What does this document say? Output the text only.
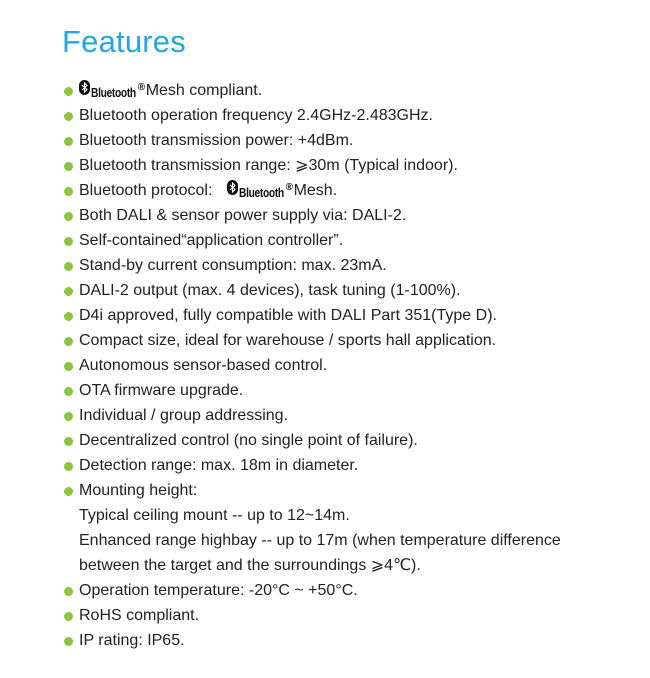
Features
Bluetooth ®Mesh compliant.
Bluetooth operation frequency 2.4GHz-2.483GHz.
Bluetooth transmission power: +4dBm.
Bluetooth transmission range: ⩾30m (Typical indoor).
Bluetooth protocol: Bluetooth ®Mesh.
Both DALI & sensor power supply via: DALI-2.
Self-contained“application controller”.
Stand-by current consumption: max. 23mA.
DALI-2 output (max. 4 devices), task tuning (1-100%).
D4i approved, fully compatible with DALI Part 351(Type D).
Compact size, ideal for warehouse / sports hall application.
Autonomous sensor-based control.
OTA firmware upgrade.
Individual / group addressing.
Decentralized control (no single point of failure).
Detection range: max. 18m in diameter.
Mounting height:
Typical ceiling mount -- up to 12~14m.
Enhanced range highbay -- up to 17m (when temperature difference
between the target and the surroundings ⩾4℃).
Operation temperature: -20°C ~ +50°C.
RoHS compliant.
IP rating: IP65.
